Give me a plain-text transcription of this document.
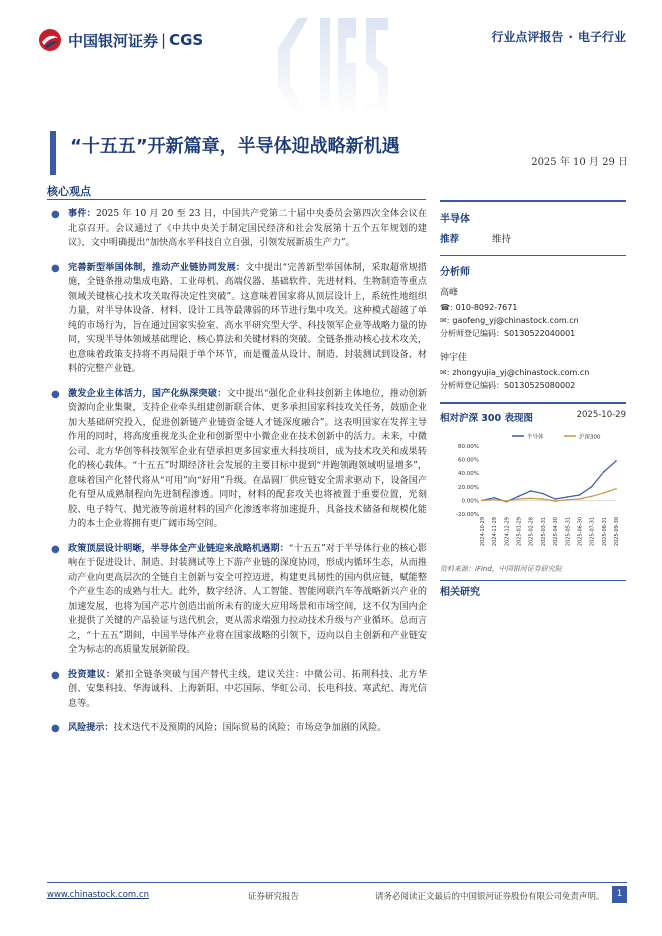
中国银河证券 | CGS	行业点评报告 · 电子行业
“十五五”开新篇章，半导体迎战略新机遇
2025 年 10 月 29 日
核心观点
● 事件：2025 年 10 月 20 至 23 日，中国共产党第二十届中央委员会第四次全体会议在北京召开。会议通过了《中共中央关于制定国民经济和社会发展第十五个五年规划的建议》，文中明确提出“加快高水平科技自立自强，引领发展新质生产力”。
● 完善新型举国体制，推动产业链协同发展：文中提出“完善新型举国体制，采取超常规措施，全链条推动集成电路、工业母机、高端仪器、基础软件、先进材料、生物制造等重点领域关键核心技术攻关取得决定性突破”。这意味着国家将从顶层设计上，系统性地组织力量，对半导体设备、材料、设计工具等最薄弱的环节进行集中攻关。这种模式超越了单纯的市场行为，旨在通过国家实验室、高水平研究型大学、科技领军企业等战略力量的协同，实现半导体领域基础理论、核心算法和关键材料的突破。全链条推动核心技术攻关，也意味着政策支持将不再局限于单个环节，而是覆盖从设计、制造、封装测试到设备、材料的完整产业链。
● 激发企业主体活力，国产化纵深突破：文中提出“强化企业科技创新主体地位，推动创新资源向企业集聚，支持企业牵头组建创新联合体、更多承担国家科技攻关任务，鼓励企业加大基础研究投入，促进创新链产业链资金链人才链深度融合”。这表明国家在发挥主导作用的同时，将高度重视龙头企业和创新型中小微企业在技术创新中的活力。未来，中微公司、北方华创等科技领军企业有望承担更多国家重大科技项目，成为技术攻关和成果转化的核心载体。“十五五”时期经济社会发展的主要目标中提到“并跑领跑领域明显增多”，意味着国产化替代将从“可用”向“好用”升级。在晶圆厂供应链安全需求驱动下，设备国产化有望从成熟制程向先进制程渗透。同时，材料的配套攻关也将被置于重要位置，光刻胶、电子特气、抛光液等前道材料的国产化渗透率将加速提升，具备技术储备和规模化能力的本土企业将拥有更广阔市场空间。
● 政策顶层设计明晰，半导体全产业链迎来战略机遇期：“十五五”对于半导体行业的核心影响在于促进设计、制造、封装测试等上下游产业链的深度协同，形成内循环生态，从而推动产业向更高层次的全链自主创新与安全可控迈进，构建更具韧性的国内供应链，赋能整个产业生态的成熟与壮大。此外，数字经济、人工智能、智能网联汽车等战略新兴产业的加速发展，也将为国产芯片创造出前所未有的庞大应用场景和市场空间，这不仅为国内企业提供了关键的产品验证与迭代机会，更从需求端强力拉动技术升级与产业循环。总而言之，“十五五”期间，中国半导体产业将在国家战略的引领下，迈向以自主创新和产业链安全为标志的高质量发展新阶段。
● 投资建议：紧扣全链条突破与国产替代主线，建议关注：中微公司、拓荆科技、北方华创、安集科技、华海诚科、上海新阳、中芯国际、华虹公司、长电科技、寒武纪、海光信息等。
● 风险提示：技术迭代不及预期的风险；国际贸易的风险；市场竞争加剧的风险。
半导体
推荐	维持
分析师
高峰
☎: 010-8092-7671
✉: gaofeng_yj@chinastock.com.cn
分析师登记编码：S0130522040001
钟宇佳
✉: zhongyujia_yj@chinastock.com.cn
分析师登记编码：S0130525080002
相对沪深 300 表现图	2025-10-29
半导体	沪深300
80.00%
60.00%
40.00%
20.00%
0.00%
-20.00%
2024-10-29 2024-11-29 2024-12-29 2025-01-29 2025-02-28 2025-03-31 2025-04-30 2025-05-31 2025-06-30 2025-07-31 2025-08-31 2025-09-30
资料来源：iFind，中国银河证券研究院
相关研究
www.chinastock.com.cn	证券研究报告	请务必阅读正文最后的中国银河证券股份有限公司免责声明。	1
